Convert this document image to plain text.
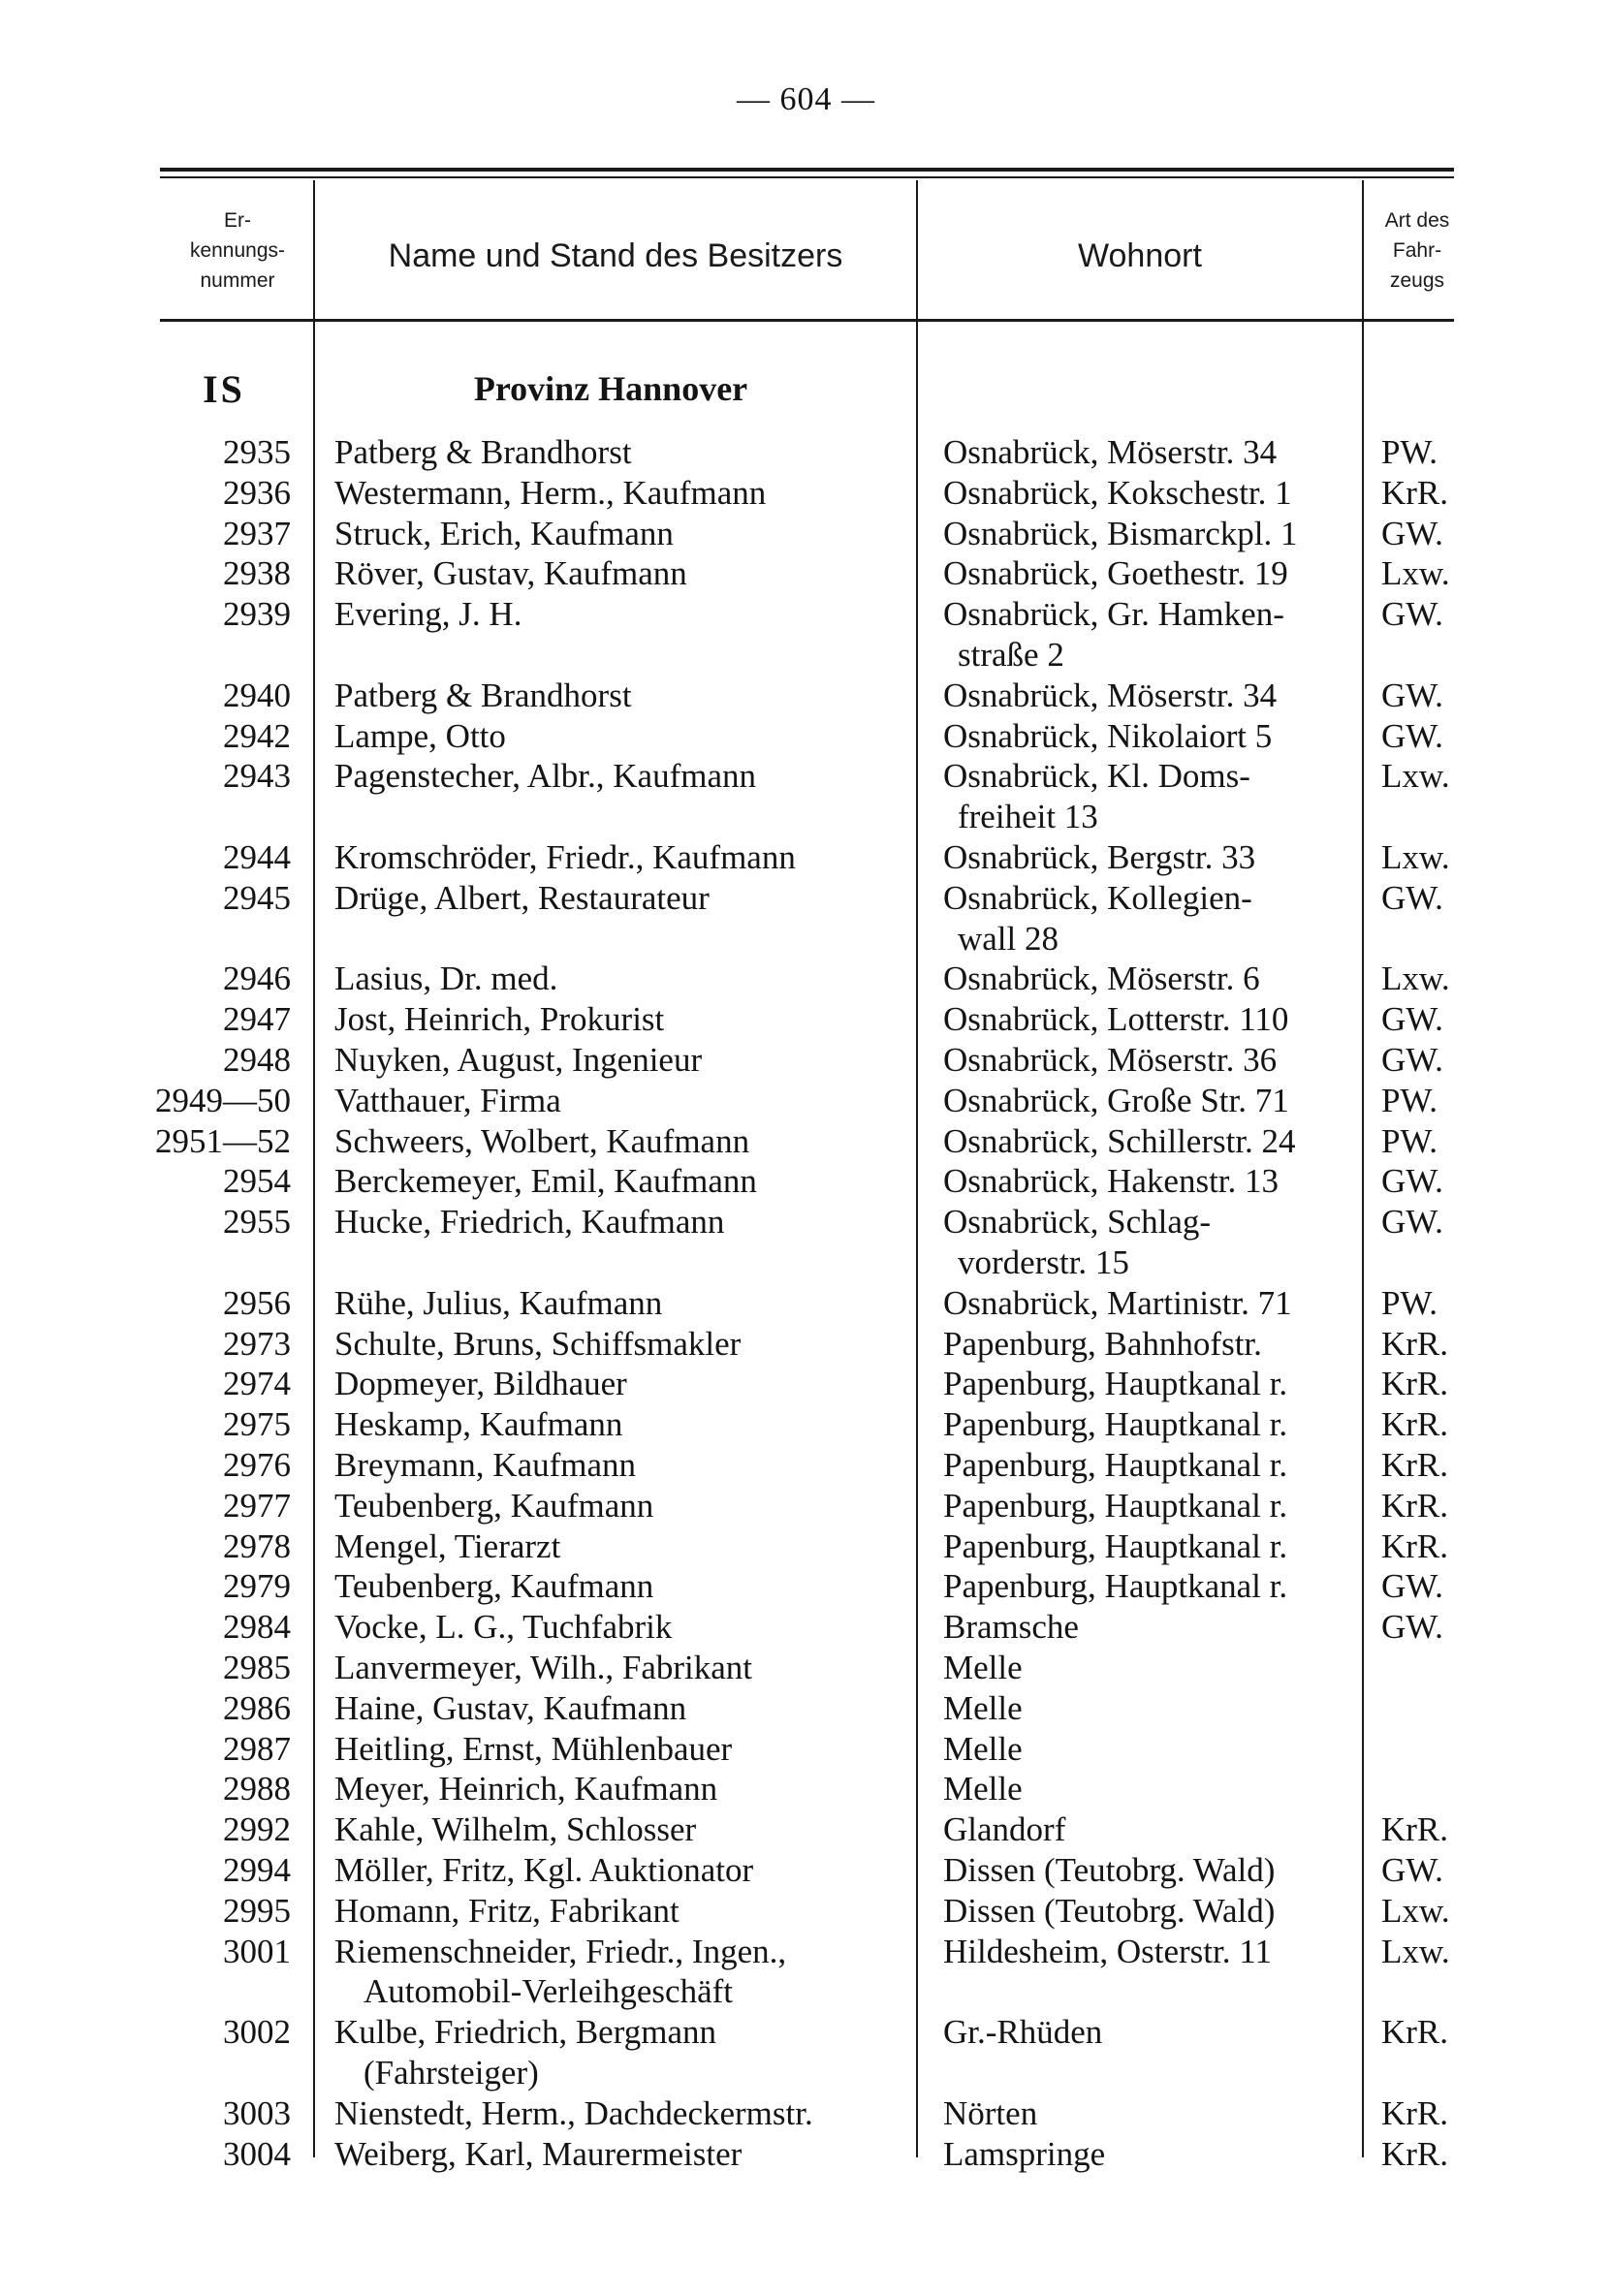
— 604 —
Er-
kennungs-
nummer
Name und Stand des Besitzers	Wohnort
Art des
Fahr-
zeugs
IS	Provinz Hannover
2935 Patberg & Brandhorst	Osnabrück, Möserstr. 34	PW.
2936 Westermann, Herm., Kaufmann	Osnabrück, Kokschestr. 1	KrR.
2937 Struck, Erich, Kaufmann	Osnabrück, Bismarckpl. 1 GW.
2938 Röver, Gustav, Kaufmann	Osnabrück, Goethestr. 19	Lxw.
2939 Evering, J. H.	Osnabrück, Gr. Hamken-
straße 2
GW.
2940 Patberg & Brandhorst	Osnabrück, Möserstr. 34	GW.
2942 Lampe, Otto	Osnabrück, Nikolaiort 5	GW.
2943 Pagenstecher, Albr., Kaufmann	Osnabrück, Kl. Doms-
freiheit 13
Lxw.
2944 Kromschröder, Friedr., Kaufmann	Osnabrück, Bergstr. 33	Lxw.
2945 Drüge, Albert, Restaurateur	Osnabrück, Kollegien-
wall 28
GW.
2946 Lasius, Dr. med.	Osnabrück, Möserstr. 6	Lxw.
2947 Jost, Heinrich, Prokurist	Osnabrück, Lotterstr. 110	GW.
2948 Nuyken, August, Ingenieur	Osnabrück, Möserstr. 36	GW.
2949—50 Vatthauer, Firma	Osnabrück, Große Str. 71	PW.
2951—52 Schweers, Wolbert, Kaufmann	Osnabrück, Schillerstr. 24	PW.
2954 Berckemeyer, Emil, Kaufmann	Osnabrück, Hakenstr. 13	GW.
2955 Hucke, Friedrich, Kaufmann	Osnabrück, Schlag-
vorderstr. 15
GW.
2956 Rühe, Julius, Kaufmann	Osnabrück, Martinistr. 71	PW.
2973 Schulte, Bruns, Schiffsmakler	Papenburg, Bahnhofstr.	KrR.
2974 Dopmeyer, Bildhauer	Papenburg, Hauptkanal r.	KrR.
2975 Heskamp, Kaufmann	Papenburg, Hauptkanal r.	KrR.
2976 Breymann, Kaufmann	Papenburg, Hauptkanal r.	KrR.
2977 Teubenberg, Kaufmann	Papenburg, Hauptkanal r.	KrR.
2978 Mengel, Tierarzt	Papenburg, Hauptkanal r.	KrR.
2979 Teubenberg, Kaufmann	Papenburg, Hauptkanal r.	GW.
2984 Vocke, L. G., Tuchfabrik	Bramsche	GW.
2985 Lanvermeyer, Wilh., Fabrikant	Melle
2986 Haine, Gustav, Kaufmann	Melle
2987 Heitling, Ernst, Mühlenbauer	Melle
2988 Meyer, Heinrich, Kaufmann	Melle
2992 Kahle, Wilhelm, Schlosser	Glandorf	KrR.
2994 Möller, Fritz, Kgl. Auktionator	Dissen (Teutobrg. Wald)	GW.
2995 Homann, Fritz, Fabrikant	Dissen (Teutobrg. Wald)	Lxw.
3001 Riemenschneider, Friedr., Ingen.,
Automobil-Verleihgeschäft
Hildesheim, Osterstr. 11	Lxw.
3002 Kulbe, Friedrich, Bergmann
(Fahrsteiger)
Gr.-Rhüden	KrR.
3003 Nienstedt, Herm., Dachdeckermstr.	Nörten	KrR.
3004 Weiberg, Karl, Maurermeister	Lamspringe	KrR.
